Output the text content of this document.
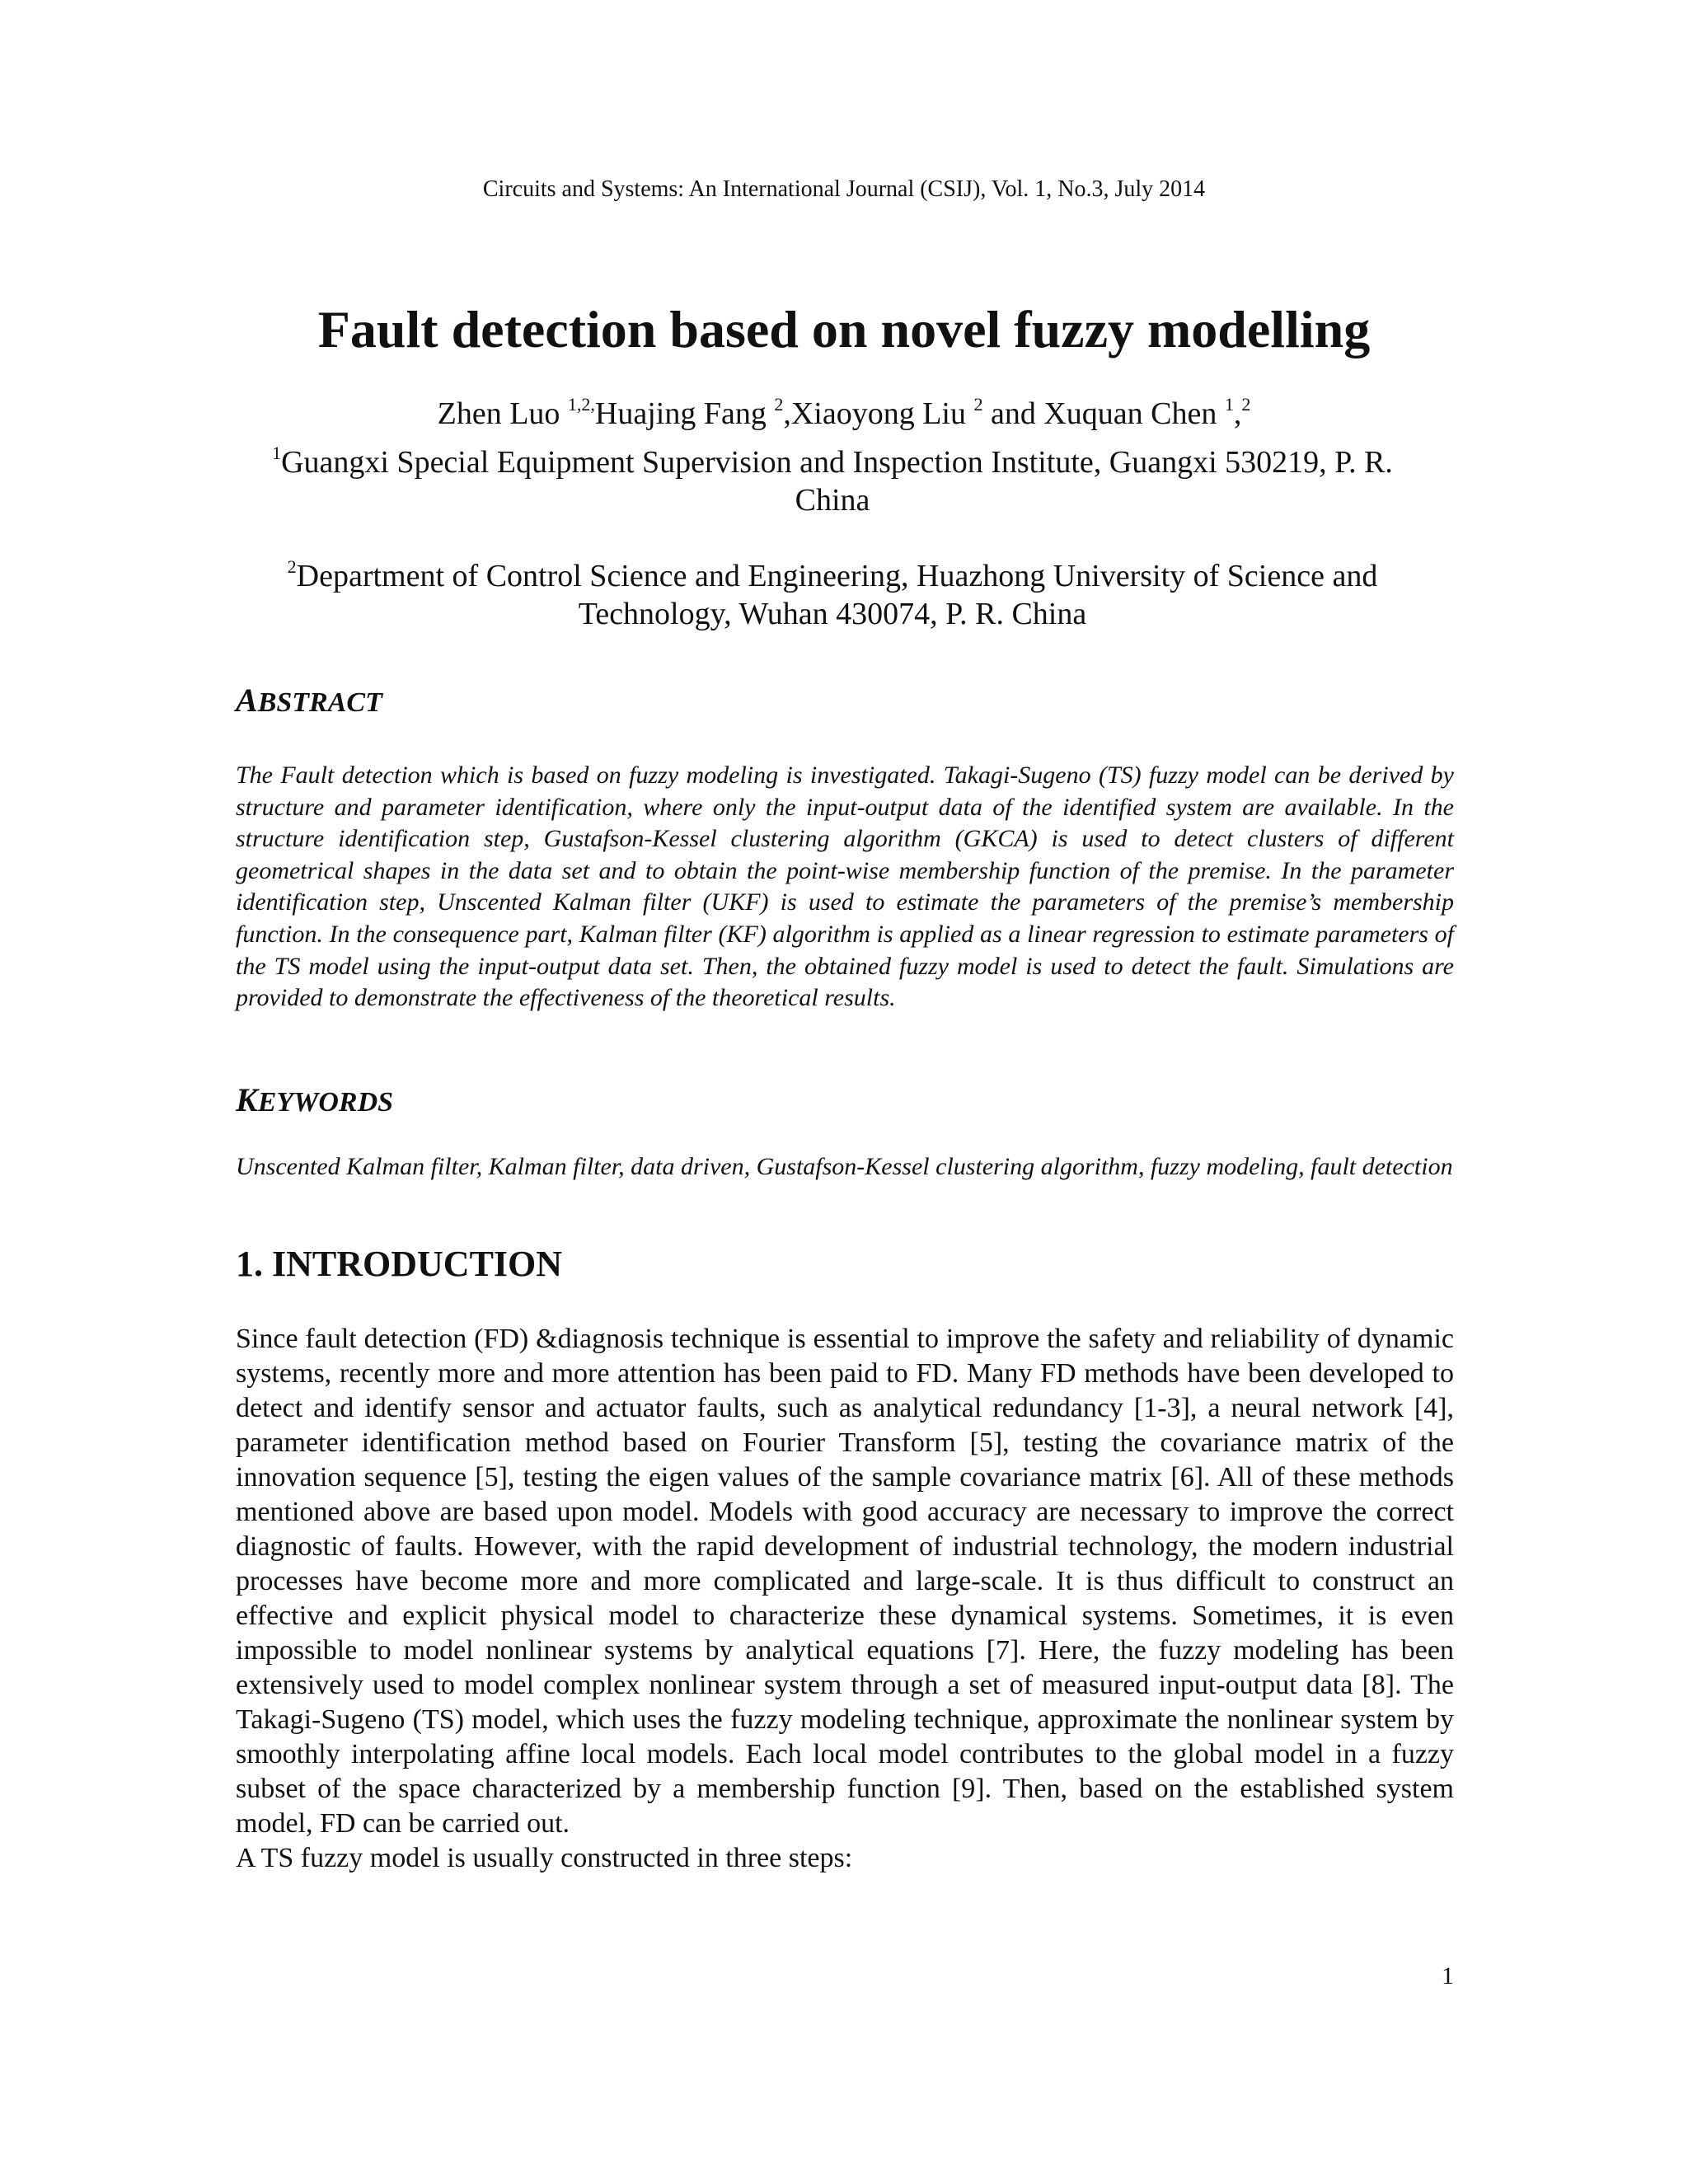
Circuits and Systems: An International Journal (CSIJ), Vol. 1, No.3, July 2014
Fault detection based on novel fuzzy modelling
Zhen Luo $^{1,2,}$Huajing Fang $^2$,Xiaoyong Liu $^2$ and Xuquan Chen $^1$,$^2$
$^1$Guangxi Special Equipment Supervision and Inspection Institute, Guangxi 530219, P. R. China
$^2$Department of Control Science and Engineering, Huazhong University of Science and Technology, Wuhan 430074, P. R. China
ABSTRACT
The Fault detection which is based on fuzzy modeling is investigated. Takagi-Sugeno (TS) fuzzy model can be derived by structure and parameter identification, where only the input-output data of the identified system are available. In the structure identification step, Gustafson-Kessel clustering algorithm (GKCA) is used to detect clusters of different geometrical shapes in the data set and to obtain the point-wise membership function of the premise. In the parameter identification step, Unscented Kalman filter (UKF) is used to estimate the parameters of the premise’s membership function. In the consequence part, Kalman filter (KF) algorithm is applied as a linear regression to estimate parameters of the TS model using the input-output data set. Then, the obtained fuzzy model is used to detect the fault. Simulations are provided to demonstrate the effectiveness of the theoretical results.
KEYWORDS
Unscented Kalman filter, Kalman filter, data driven, Gustafson-Kessel clustering algorithm, fuzzy modeling, fault detection
1. INTRODUCTION

Since fault detection (FD) &diagnosis technique is essential to improve the safety and reliability of dynamic systems, recently more and more attention has been paid to FD. Many FD methods have been developed to detect and identify sensor and actuator faults, such as analytical redundancy [1-3], a neural network [4], parameter identification method based on Fourier Transform [5], testing the covariance matrix of the innovation sequence [5], testing the eigen values of the sample covariance matrix [6]. All of these methods mentioned above are based upon model. Models with good accuracy are necessary to improve the correct diagnostic of faults. However, with the rapid development of industrial technology, the modern industrial processes have become more and more complicated and large-scale. It is thus difficult to construct an effective and explicit physical model to characterize these dynamical systems. Sometimes, it is even impossible to model nonlinear systems by analytical equations [7]. Here, the fuzzy modeling has been extensively used to model complex nonlinear system through a set of measured input-output data [8]. The Takagi-Sugeno (TS) model, which uses the fuzzy modeling technique, approximate the nonlinear system by smoothly interpolating affine local models. Each local model contributes to the global model in a fuzzy subset of the space characterized by a membership function [9]. Then, based on the established system model, FD can be carried out.

A TS fuzzy model is usually constructed in three steps:

1
